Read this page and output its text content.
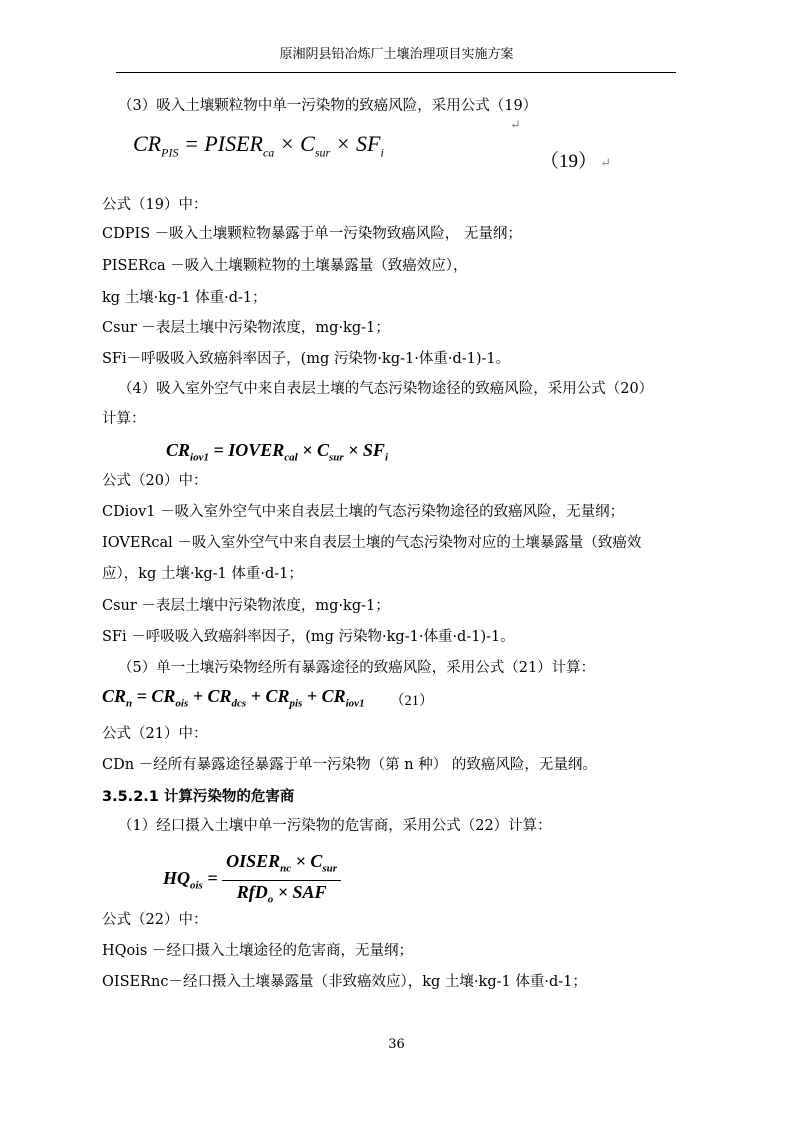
原湘阴县铅冶炼厂土壤治理项目实施方案
（3）吸入土壤颗粒物中单一污染物的致癌风险，采用公式（19）
↵
$CR_{PIS}$ = $PISER_{ca} \times C_{sur} \times SF_i$	（19） ↵
公式（19）中：
CDPIS －吸入土壤颗粒物暴露于单一污染物致癌风险， 无量纲；
PISERca －吸入土壤颗粒物的土壤暴露量（致癌效应），
kg 土壤·kg-1 体重·d-1；
Csur －表层土壤中污染物浓度，mg·kg-1；
SFi－呼吸吸入致癌斜率因子，(mg 污染物·kg-1·体重·d-1)-1。
（4）吸入室外空气中来自表层土壤的气态污染物途径的致癌风险，采用公式（20）
计算：
$CR_{iov1}$ = $IOVER_{cal} \times C_{sur} \times SF_i$
公式（20）中：
CDiov1 －吸入室外空气中来自表层土壤的气态污染物途径的致癌风险，无量纲；
IOVERcal －吸入室外空气中来自表层土壤的气态污染物对应的土壤暴露量（致癌效
应），kg 土壤·kg-1 体重·d-1；
Csur －表层土壤中污染物浓度，mg·kg-1；
SFi －呼吸吸入致癌斜率因子，(mg 污染物·kg-1·体重·d-1)-1。
（5）单一土壤污染物经所有暴露途径的致癌风险，采用公式（21）计算：
$CR_n = CR_{ois} + CR_{dcs} + CR_{pis} + CR_{iov1}$ （21）
公式（21）中：
CDn －经所有暴露途径暴露于单一污染物（第 n 种） 的致癌风险，无量纲。
3.5.2.1 计算污染物的危害商
（1）经口摄入土壤中单一污染物的危害商，采用公式（22）计算：
$HQ_{ois} = \frac{OISER_{nc} \times C_{sur}}{RfD_o \times SAF}$
公式（22）中：
HQois －经口摄入土壤途径的危害商，无量纲；
OISERnc－经口摄入土壤暴露量（非致癌效应），kg 土壤·kg-1 体重·d-1；
36
